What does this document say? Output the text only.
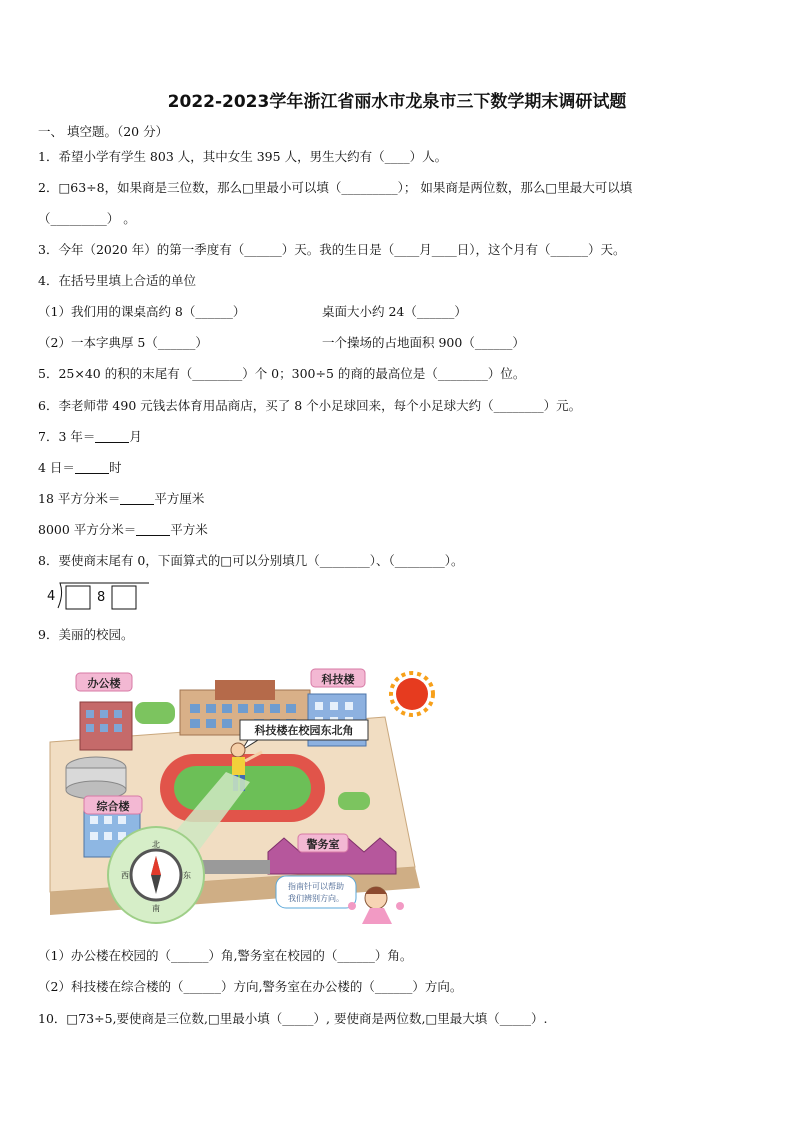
2022-2023学年浙江省丽水市龙泉市三下数学期末调研试题
一、 填空题。（20 分）
1．希望小学有学生 803 人，其中女生 395 人，男生大约有（____）人。
2．□63÷8，如果商是三位数，那么□里最小可以填（_________）； 如果商是两位数，那么□里最大可以填
（_________） 。
3．今年（2020 年）的第一季度有（______）天。我的生日是（____月____日），这个月有（______）天。
4．在括号里填上合适的单位
（1）我们用的课桌高约 8（______）	桌面大小约 24（______）
（2）一本字典厚 5（______）	一个操场的占地面积 900（______）
5．25×40 的积的末尾有（________）个 0；300÷5 的商的最高位是（________）位。
6．李老师带 490 元钱去体育用品商店，买了 8 个小足球回来，每个小足球大约（________）元。
7．3 年＝	月
4 日＝	时
18 平方分米＝	平方厘米
8000 平方分米＝	平方米
8．要使商末尾有 0，下面算式的□可以分别填几（________）、（________）。
4	8
9．美丽的校园。
办公楼	科技楼
科技楼在校园东北角
综合楼
警务室
北
东
南
西
指南针可以帮助
我们辨别方向。
（1）办公楼在校园的（______）角,警务室在校园的（______）角。
（2）科技楼在综合楼的（______）方向,警务室在办公楼的（______）方向。
10．□73÷5,要使商是三位数,□里最小填（_____）, 要使商是两位数,□里最大填（_____）.
